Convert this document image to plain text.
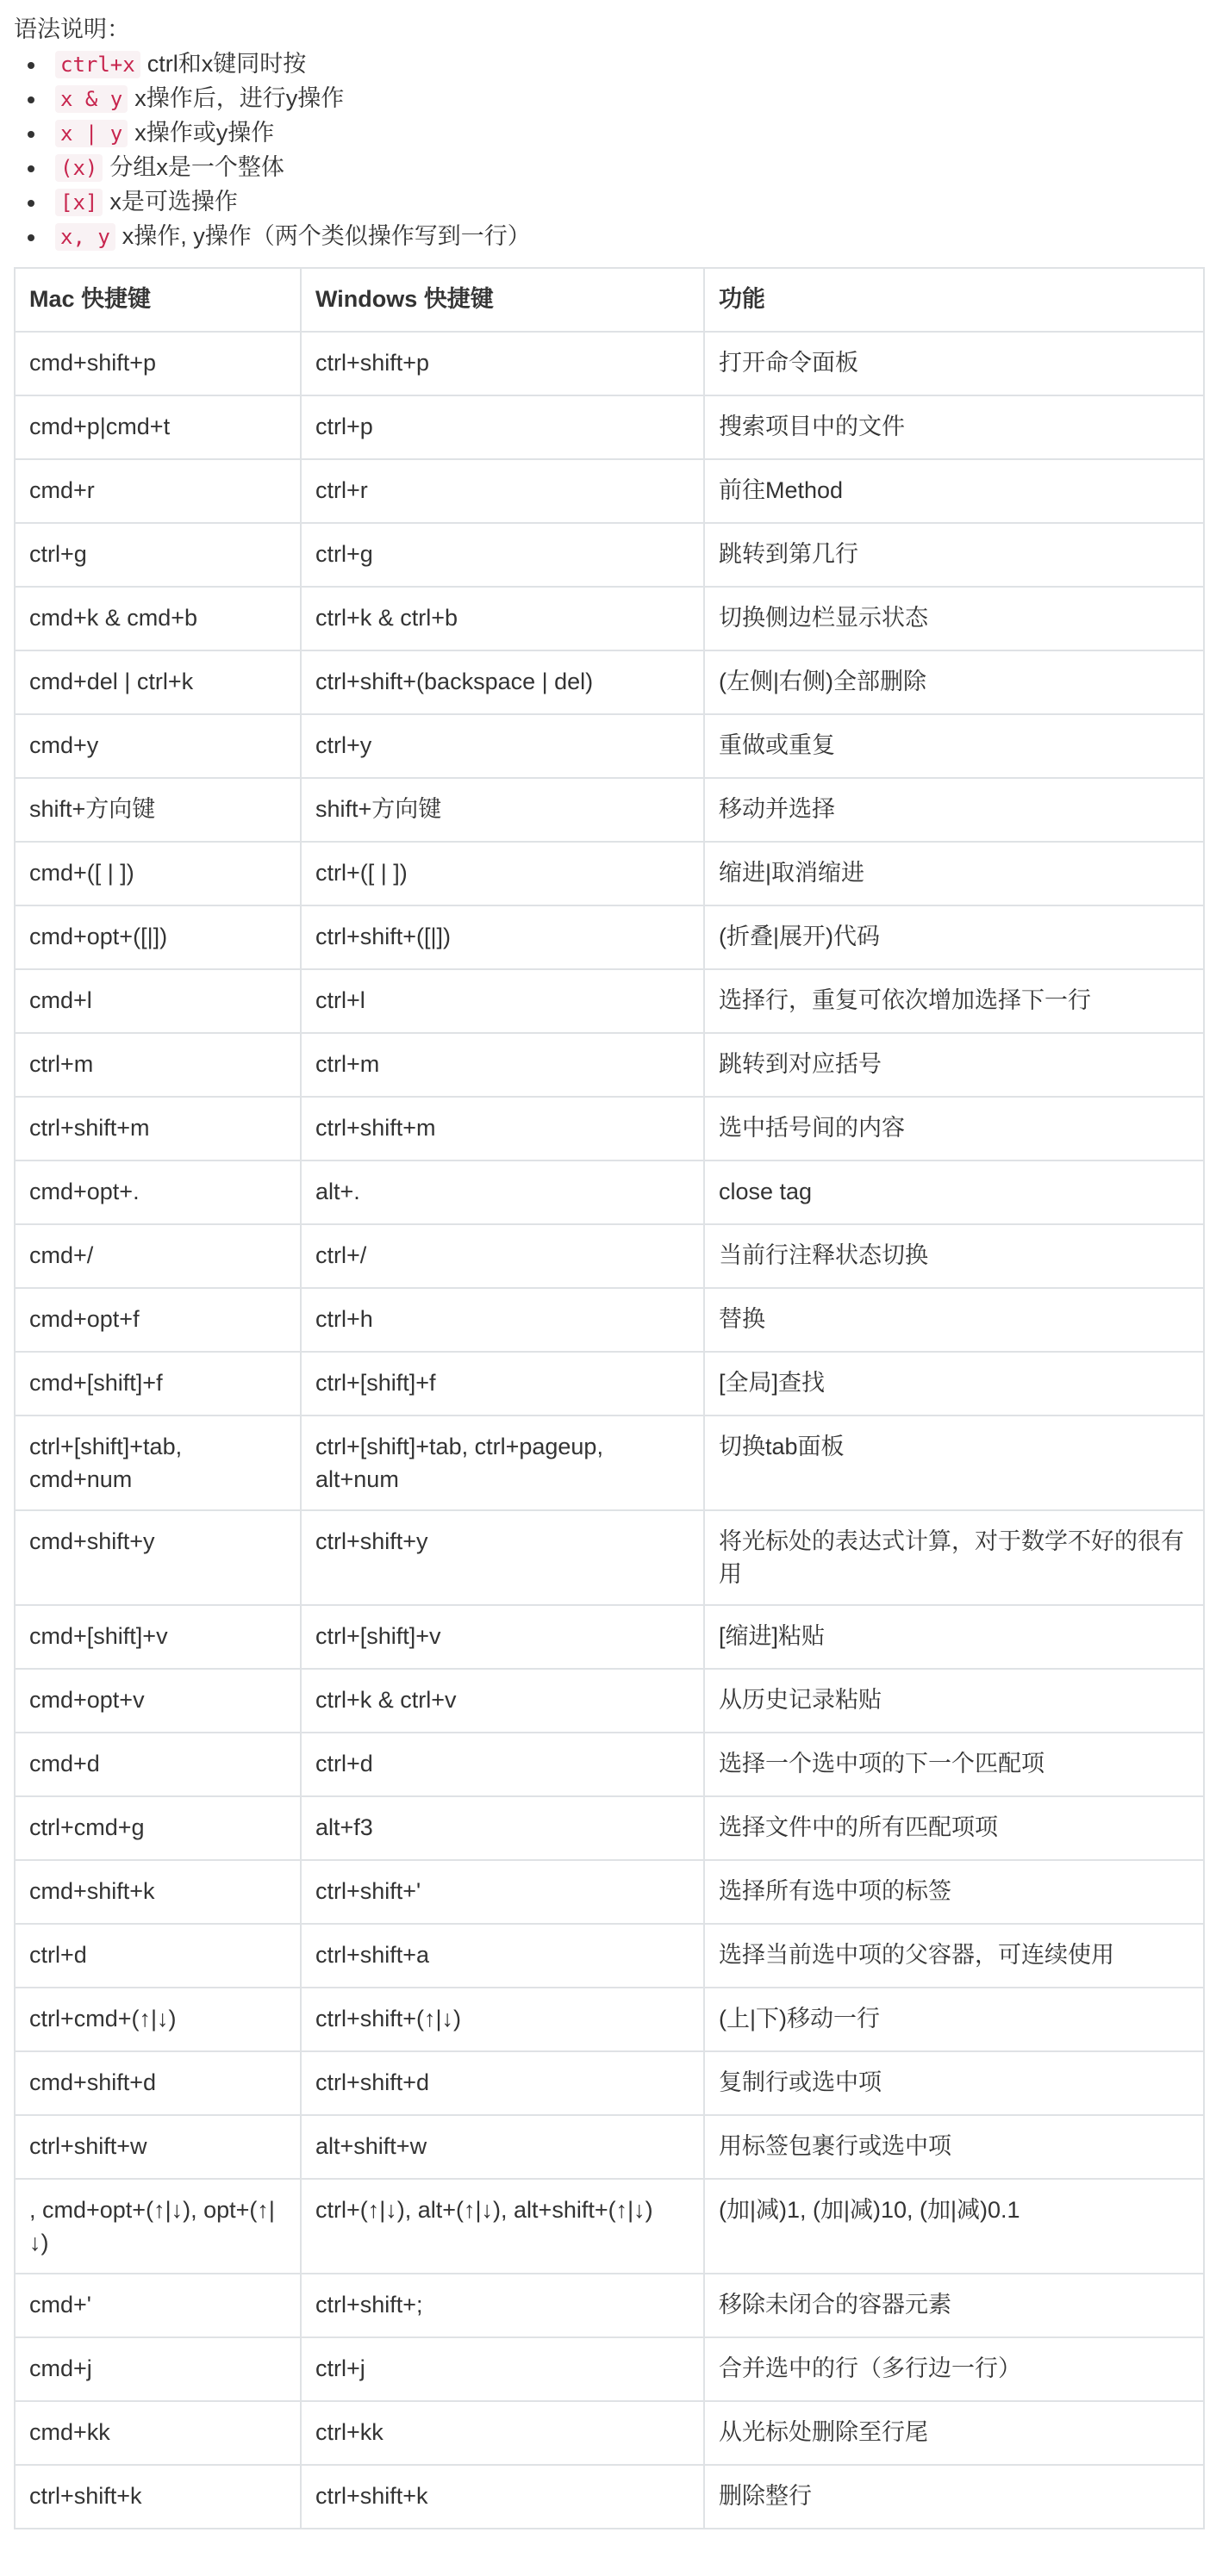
语法说明：

ctrl+x ctrl和x键同时按
x & y x操作后，进行y操作
x | y x操作或y操作
(x) 分组x是一个整体
[x] x是可选操作
x, y x操作, y操作（两个类似操作写到一行）
Mac 快捷键	Windows 快捷键	功能
cmd+shift+p	ctrl+shift+p	打开命令面板
cmd+p|cmd+t	ctrl+p	搜索项目中的文件
cmd+r	ctrl+r	前往Method
ctrl+g	ctrl+g	跳转到第几行
cmd+k & cmd+b	ctrl+k & ctrl+b	切换侧边栏显示状态
cmd+del | ctrl+k	ctrl+shift+(backspace | del)	(左侧|右侧)全部删除
cmd+y	ctrl+y	重做或重复
shift+方向键	shift+方向键	移动并选择
cmd+([ | ])	ctrl+([ | ])	缩进|取消缩进
cmd+opt+([|])	ctrl+shift+([|])	(折叠|展开)代码
cmd+l	ctrl+l	选择行，重复可依次增加选择下一行
ctrl+m	ctrl+m	跳转到对应括号
ctrl+shift+m	ctrl+shift+m	选中括号间的内容
cmd+opt+.	alt+.	close tag
cmd+/	ctrl+/	当前行注释状态切换
cmd+opt+f	ctrl+h	替换
cmd+[shift]+f	ctrl+[shift]+f	[全局]查找
ctrl+[shift]+tab, cmd+num	ctrl+[shift]+tab, ctrl+pageup, alt+num	切换tab面板
cmd+shift+y	ctrl+shift+y	将光标处的表达式计算，对于数学不好的很有用
cmd+[shift]+v	ctrl+[shift]+v	[缩进]粘贴
cmd+opt+v	ctrl+k & ctrl+v	从历史记录粘贴
cmd+d	ctrl+d	选择一个选中项的下一个匹配项
ctrl+cmd+g	alt+f3	选择文件中的所有匹配项项
cmd+shift+k	ctrl+shift+'	选择所有选中项的标签
ctrl+d	ctrl+shift+a	选择当前选中项的父容器，可连续使用
ctrl+cmd+(↑|↓)	ctrl+shift+(↑|↓)	(上|下)移动一行
cmd+shift+d	ctrl+shift+d	复制行或选中项
ctrl+shift+w	alt+shift+w	用标签包裹行或选中项
, cmd+opt+(↑|↓), opt+(↑|↓)	ctrl+(↑|↓), alt+(↑|↓), alt+shift+(↑|↓)	(加|减)1, (加|减)10, (加|减)0.1
cmd+'	ctrl+shift+;	移除未闭合的容器元素
cmd+j	ctrl+j	合并选中的行（多行边一行）
cmd+kk	ctrl+kk	从光标处删除至行尾
ctrl+shift+k	ctrl+shift+k	删除整行
